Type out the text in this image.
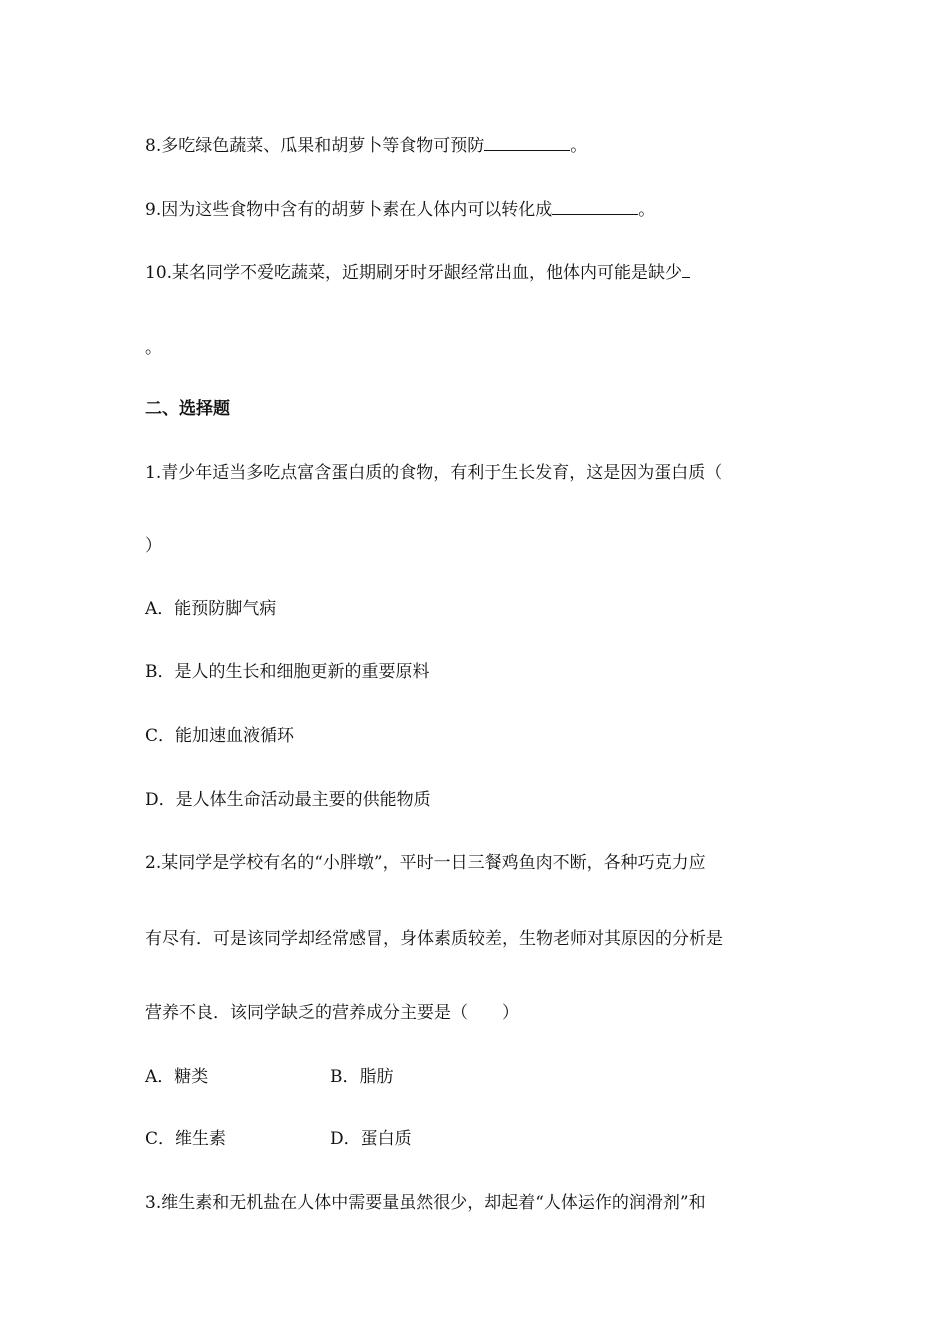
8.多吃绿色蔬菜、瓜果和胡萝卜等食物可预防	。
9.因为这些食物中含有的胡萝卜素在人体内可以转化成	。
10.某名同学不爱吃蔬菜，近期刷牙时牙龈经常出血，他体内可能是缺少
。
二、选择题
1.青少年适当多吃点富含蛋白质的食物，有利于生长发育，这是因为蛋白质（
）
A．能预防脚气病
B．是人的生长和细胞更新的重要原料
C．能加速血液循环
D．是人体生命活动最主要的供能物质
2.某同学是学校有名的“小胖墩”，平时一日三餐鸡鱼肉不断，各种巧克力应
有尽有．可是该同学却经常感冒，身体素质较差，生物老师对其原因的分析是
营养不良．该同学缺乏的营养成分主要是（　　）
A．糖类	B．脂肪
C．维生素	D．蛋白质
3.维生素和无机盐在人体中需要量虽然很少，却起着“人体运作的润滑剂”和
